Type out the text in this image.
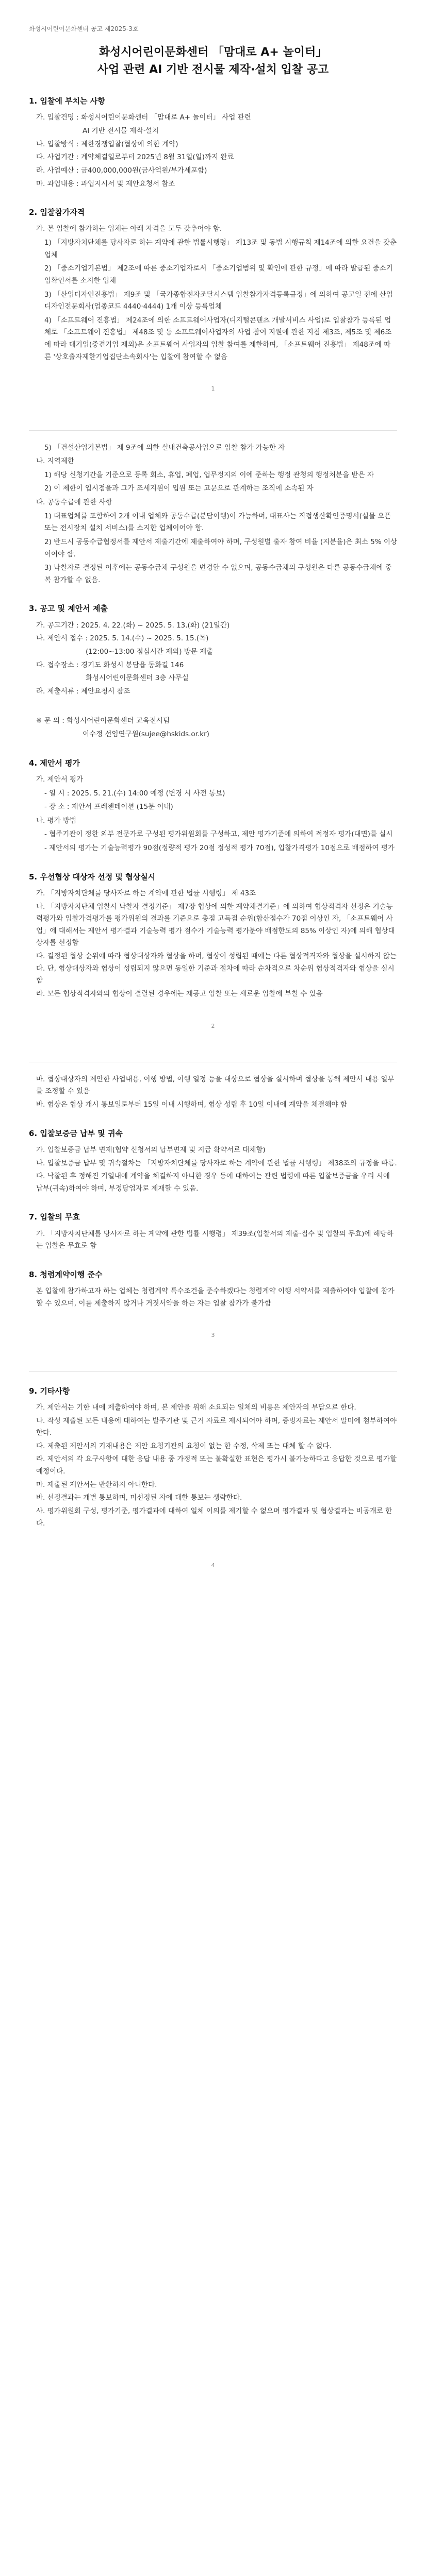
화성시어린이문화센터 공고 제2025-3호
화성시어린이문화센터 「맘대로 A+ 놀이터」
사업 관련 AI 기반 전시물 제작·설치 입찰 공고
1. 입찰에 부치는 사항
가. 입찰건명 : 화성시어린이문화센터 「맘대로 A+ 놀이터」 사업 관련
AI 기반 전시물 제작·설치
나. 입찰방식 : 제한경쟁입찰(협상에 의한 계약)
다. 사업기간 : 계약체결일로부터 2025년 8월 31일(일)까지 완료
라. 사업예산 : 금400,000,000원(금사억원/부가세포함)
마. 과업내용 : 과업지시서 및 제안요청서 참조
2. 입찰참가자격
가. 본 입찰에 참가하는 업체는 아래 자격을 모두 갖추어야 함.
1) 「지방자치단체를 당사자로 하는 계약에 관한 법률시행령」 제13조 및 동법 시행규칙 제14조에 의한 요건을 갖춘 업체
2) 「중소기업기본법」 제2조에 따른 중소기업자로서 「중소기업범위 및 확인에 관한 규정」에 따라 발급된 중소기업확인서를 소지한 업체
3) 「산업디자인진흥법」 제9조 및 「국가종합전자조달시스템 입찰참가자격등록규정」에 의하여 공고일 전에 산업디자인전문회사(업종코드 4440·4444) 1개 이상 등록업체
4) 「소프트웨어 진흥법」 제24조에 의한 소프트웨어사업자(디지털콘텐츠 개발서비스 사업)로 입찰참가 등록된 업체로 「소프트웨어 진흥법」 제48조 및 동 소프트웨어사업자의 사업 참여 지원에 관한 지침 제3조, 제5조 및 제6조에 따라 대기업(중견기업 제외)은 소프트웨어 사업자의 입찰 참여를 제한하며, 「소프트웨어 진흥법」 제48조에 따른 '상호출자제한기업집단소속회사'는 입찰에 참여할 수 없음
1
5) 「건설산업기본법」 제 9조에 의한 실내건축공사업으로 입찰 참가 가능한 자
나. 지역제한
1) 해당 신청기간을 기준으로 등록 회소, 휴업, 폐업, 업무정지의 이에 준하는 행정 관청의 행정처분을 받은 자
2) 이 제한이 입시점을과 그가 조세지원이 입원 또는 고문으로 관계하는 조직에 소속된 자
다. 공동수급에 관한 사항
1) 대표업체를 포함하여 2개 이내 업체와 공동수급(분담이행)이 가능하며, 대표사는 직접생산확인증명서(실물 오픈 또는 전시장치 설치 서비스)를 소지한 업체이어야 함.
2) 반드시 공동수급협정서를 제안서 제출기간에 제출하여야 하며, 구성원별 출자 참여 비율 (지분율)은 최소 5% 이상이어야 함.
3) 낙찰자로 결정된 이후에는 공동수급체 구성원을 변경할 수 없으며, 공동수급체의 구성원은 다른 공동수급체에 중복 참가할 수 없음.
3. 공고 및 제안서 제출
가. 공고기간 : 2025. 4. 22.(화) ~ 2025. 5. 13.(화) (21일간)
나. 제안서 접수 : 2025. 5. 14.(수) ~ 2025. 5. 15.(목)
(12:00~13:00 점심시간 제외) 방문 제출
다. 접수장소 : 경기도 화성시 봉담읍 동화길 146
화성시어린이문화센터 3층 사무실
라. 제출서류 : 제안요청서 참조
※ 문 의 : 화성시어린이문화센터 교육전시팀
이수정 선임연구원(sujee@hskids.or.kr)
4. 제안서 평가
가. 제안서 평가
- 일 시 : 2025. 5. 21.(수) 14:00 예정 (변경 시 사전 통보)
- 장 소 : 제안서 프레젠테이션 (15분 이내)
나. 평가 방법
- 협주기관이 정한 외부 전문가로 구성된 평가위원회를 구성하고, 제안 평가기준에 의하여 적정자 평가(대면)를 실시
- 제안서의 평가는 기술능력평가 90점(정량적 평가 20점 정성적 평가 70점), 입찰가격평가 10점으로 배점하여 평가
5. 우선협상 대상자 선정 및 협상실시
가. 「지방자치단체를 당사자로 하는 계약에 관한 법률 시행령」 제 43조
나. 「지방자치단체 입찰시 낙찰자 결정기준」 제7장 협상에 의한 계약체결기준」에 의하여 협상적격자 선정은 기술능력평가와 입찰가격평가를 평가위원의 결과를 기준으로 총점 고득점 순위(합산점수가 70점 이상인 자, 「소프트웨어 사업」에 대해서는 제안서 평가결과 기술능력 평가 점수가 기술능력 평가분야 배점한도의 85% 이상인 자)에 의해 협상대상자를 선정함
다. 결정된 협상 순위에 따라 협상대상자와 협상을 하며, 협상이 성립된 때에는 다른 협상적격자와 협상을 실시하지 않는다. 단, 협상대상자와 협상이 성립되지 않으면 동일한 기준과 절차에 따라 순차적으로 차순위 협상적격자와 협상을 실시함
라. 모든 협상적격자와의 협상이 결렬된 경우에는 재공고 입찰 또는 새로운 입찰에 부칠 수 있음
2
마. 협상대상자의 제안한 사업내용, 이행 방법, 이행 일정 등을 대상으로 협상을 실시하며 협상을 통해 제안서 내용 일부를 조정할 수 있음
바. 협상은 협상 개시 통보일로부터 15일 이내 시행하며, 협상 성립 후 10일 이내에 계약을 체결해야 함
6. 입찰보증금 납부 및 귀속
가. 입찰보증금 납부 면제(협약 신청서의 납부면제 및 지급 확약서로 대체함)
나. 입찰보증금 납부 및 귀속절차는 「지방자치단체를 당사자로 하는 계약에 관한 법률 시행령」 제38조의 규정을 따름.
다. 낙찰된 후 정해진 기일내에 계약을 체결하지 아니한 경우 등에 대하여는 관련 법령에 따른 입찰보증금을 우리 시에 납부(귀속)하여야 하며, 부정당업자로 제재할 수 있음.
7. 입찰의 무효
가. 「지방자치단체를 당사자로 하는 계약에 관한 법률 시행령」 제39조(입찰서의 제출·접수 및 입찰의 무효)에 해당하는 입찰은 무효로 함
8. 청렴계약이행 준수
본 입찰에 참가하고자 하는 업체는 청렴계약 특수조건을 준수하겠다는 청렴계약 이행 서약서를 제출하여야 입찰에 참가할 수 있으며, 이를 제출하지 않거나 거짓서약을 하는 자는 입찰 참가가 불가함
3
9. 기타사항
가. 제안서는 기한 내에 제출하여야 하며, 본 제안을 위해 소요되는 일체의 비용은 제안자의 부담으로 한다.
나. 작성 제출된 모든 내용에 대하여는 발주기관 및 근거 자료로 제시되어야 하며, 증빙자료는 제안서 말미에 첨부하여야 한다.
다. 제출된 제안서의 기재내용은 제안 요청기관의 요청이 없는 한 수정, 삭제 또는 대체 할 수 없다.
라. 제안서의 각 요구사항에 대한 응답 내용 중 가정적 또는 불확실한 표현은 평가시 불가능하다고 응답한 것으로 평가할 예정이다.
마. 제출된 제안서는 반환하지 아니한다.
바. 선정결과는 개별 통보하며, 미선정된 자에 대한 통보는 생략한다.
사. 평가위원회 구성, 평가기준, 평가결과에 대하여 일체 이의를 제기할 수 없으며 평가결과 및 협상결과는 비공개로 한다.
4
